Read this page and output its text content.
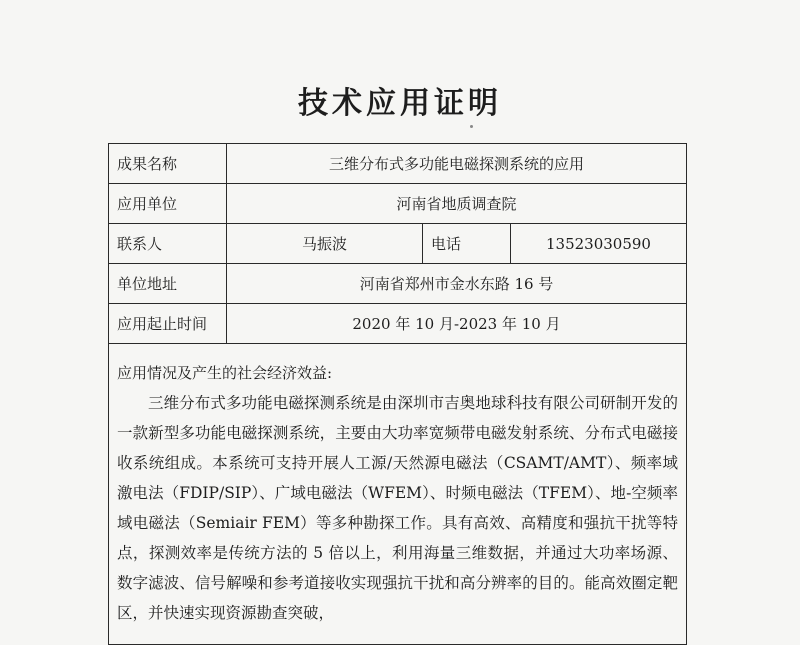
技术应用证明
成果名称	三维分布式多功能电磁探测系统的应用		
应用单位	河南省地质调查院		
联系人	马振波	电话	13523030590
单位地址	河南省郑州市金水东路 16 号		
应用起止时间	2020 年 10 月-2023 年 10 月		

应用情况及产生的社会经济效益:

三维分布式多功能电磁探测系统是由深圳市吉奥地球科技有限公司研制开发的一款新型多功能电磁探测系统，主要由大功率宽频带电磁发射系统、分布式电磁接收系统组成。本系统可支持开展人工源/天然源电磁法（CSAMT/AMT）、频率域激电法（FDIP/SIP）、广域电磁法（WFEM）、时频电磁法（TFEM）、地-空频率域电磁法（Semiair FEM）等多种勘探工作。具有高效、高精度和强抗干扰等特点，探测效率是传统方法的 5 倍以上，利用海量三维数据，并通过大功率场源、数字滤波、信号解噪和参考道接收实现强抗干扰和高分辨率的目的。能高效圈定靶区，并快速实现资源勘查突破，			
